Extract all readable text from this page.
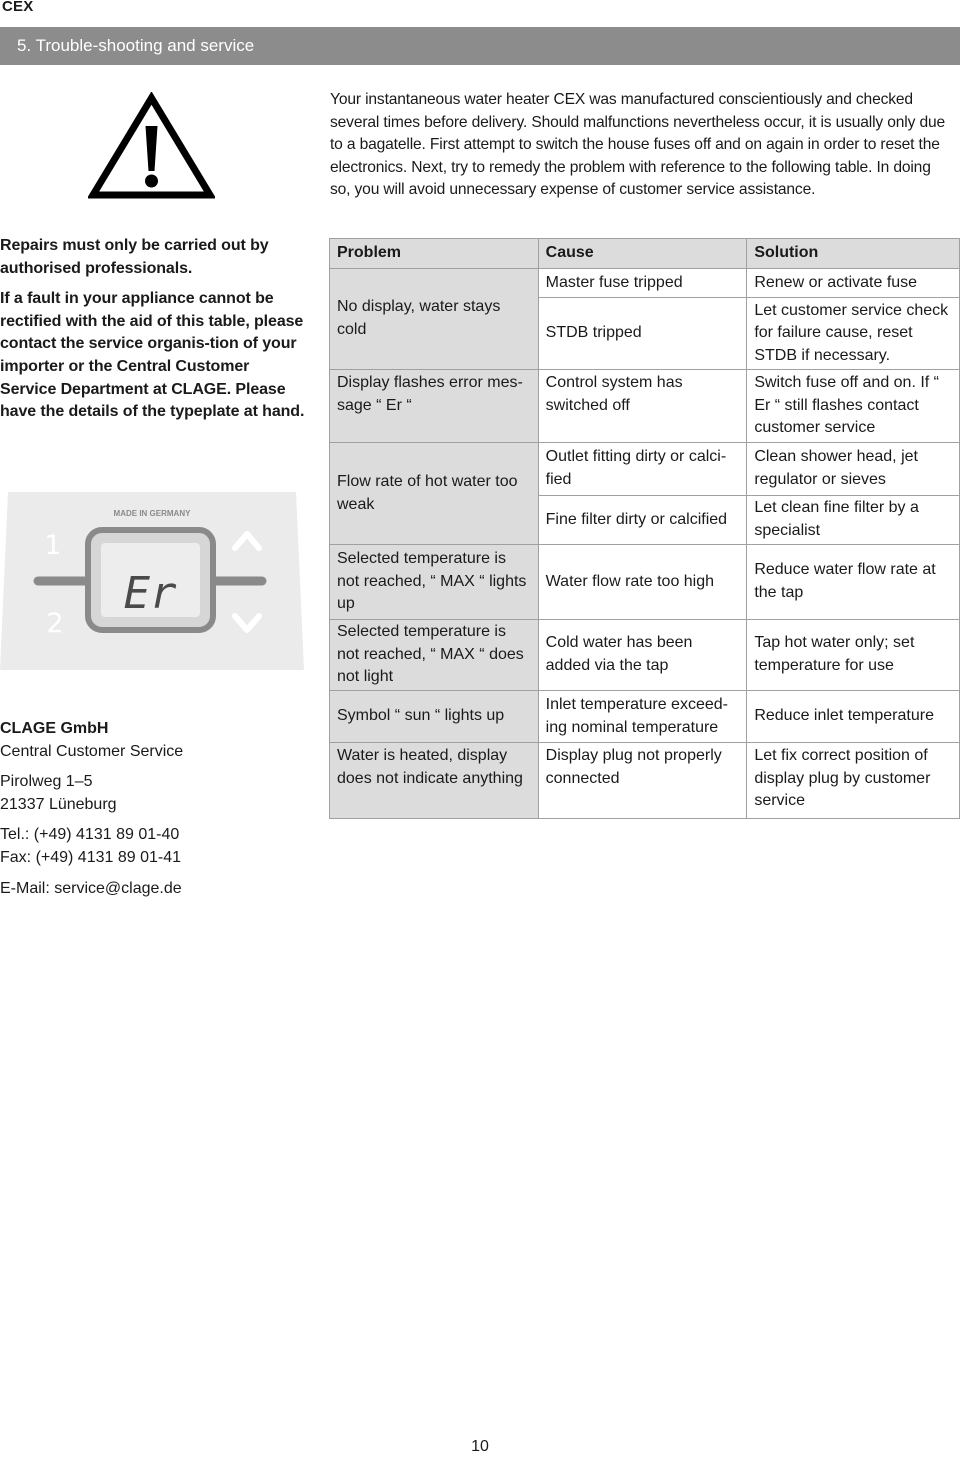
CEX
5. Trouble-shooting and service
Your instantaneous water heater CEX was manufactured conscientiously and checked several times before delivery. Should malfunctions nevertheless occur, it is usually only due to a bagatelle. First attempt to switch the house fuses off and on again in order to reset the electronics. Next, try to remedy the problem with reference to the following table. In doing so, you will avoid unnecessary expense of customer service assistance.

Repairs must only be carried out by authorised professionals.

If a fault in your appliance cannot be rectified with the aid of this table, please contact the service organis-tion of your importer or the Central Customer Service Department at CLAGE. Please have the details of the typeplate at hand.

MADE IN GERMANY
1
2
Er
CLAGE GmbH
Central Customer Service
Pirolweg 1–5
21337 Lüneburg
Tel.: (+49) 4131 89 01-40
Fax: (+49) 4131 89 01-41
E-Mail: service@clage.de
Problem	Cause	Solution
No display, water stays cold	Master fuse tripped	Renew or activate fuse
	STDB tripped	Let customer service check for failure cause, reset STDB if necessary.
Display flashes error mes-sage “ Er “	Control system has switched off	Switch fuse off and on. If “ Er “ still flashes contact customer service
Flow rate of hot water too weak	Outlet fitting dirty or calci-fied	Clean shower head, jet regulator or sieves
	Fine filter dirty or calcified	Let clean fine filter by a specialist
Selected temperature is not reached, “ MAX “ lights up	Water flow rate too high	Reduce water flow rate at the tap
Selected temperature is not reached, “ MAX “ does not light	Cold water has been added via the tap	Tap hot water only; set temperature for use
Symbol “ sun “ lights up	Inlet temperature exceed-ing nominal temperature	Reduce inlet temperature
Water is heated, display does not indicate anything	Display plug not properly connected	Let fix correct position of display plug by customer service
10
